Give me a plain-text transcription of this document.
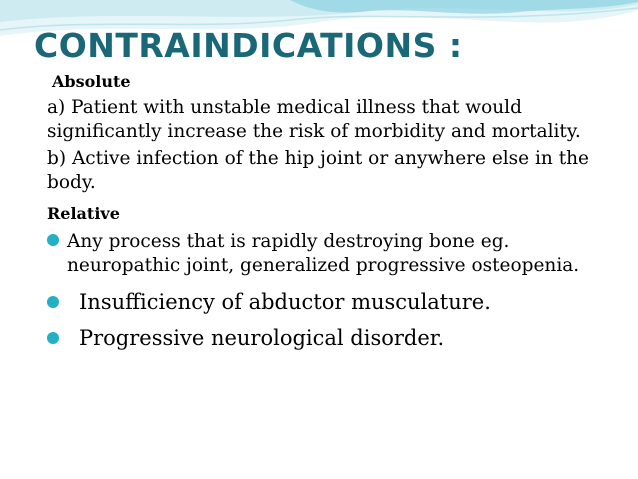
CONTRAINDICATIONS :

Absolute

a) Patient with unstable medical illness that would significantly increase the risk of morbidity and mortality.

b) Active infection of the hip joint or anywhere else in the body.

Relative

Any process that is rapidly destroying bone eg. neuropathic joint, generalized progressive osteopenia.
Insufficiency of abductor musculature.
Progressive neurological disorder.
